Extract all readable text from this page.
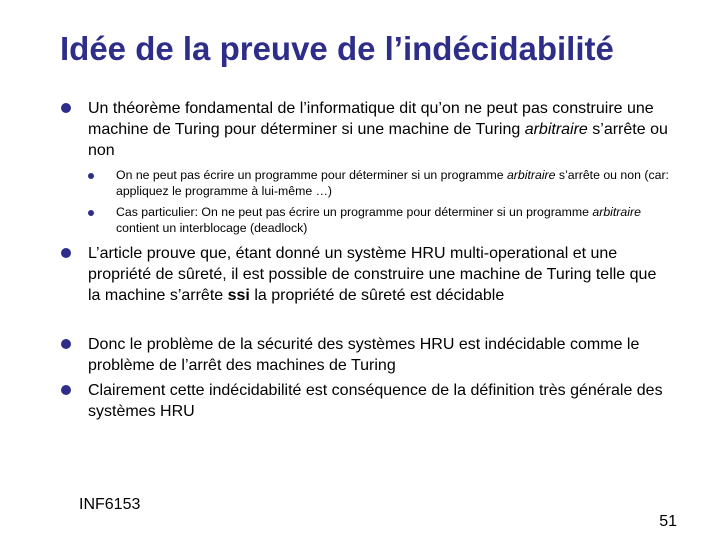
Idée de la preuve de l’indécidabilité
Un théorème fondamental de l’informatique dit qu’on ne peut pas construire une machine de Turing pour déterminer si une machine de Turing arbitraire s’arrête ou non
On ne peut pas écrire un programme pour déterminer si un programme arbitraire s’arrête ou non (car: appliquez le programme à lui-même …)
Cas particulier: On ne peut pas écrire un programme pour déterminer si un programme arbitraire contient un interblocage (deadlock)
L’article prouve que, étant donné un système HRU multi-operational et une propriété de sûreté, il est possible de construire une machine de Turing telle que la machine s’arrête ssi la propriété de sûreté est décidable
Donc le problème de la sécurité des systèmes HRU est indécidable comme le problème de l’arrêt des machines de Turing
Clairement cette indécidabilité est conséquence de la définition très générale des systèmes HRU
INF6153
51
